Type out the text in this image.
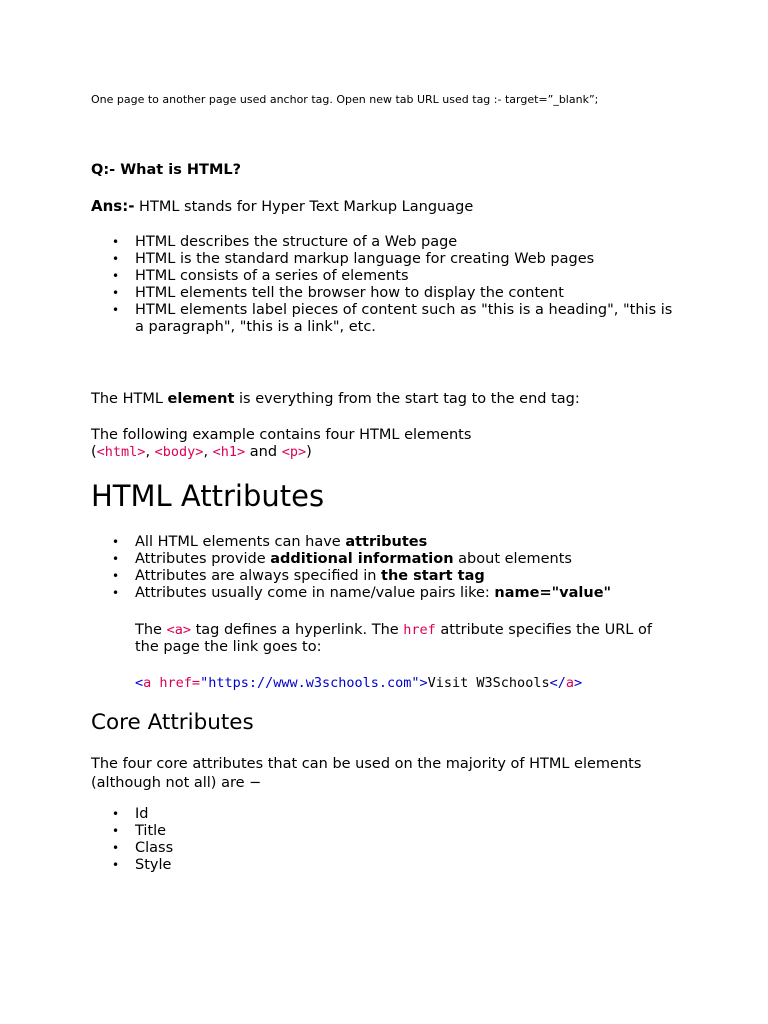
One page to another page used anchor tag. Open new tab URL used tag :- target=”_blank”;

Q:- What is HTML?

Ans:- HTML stands for Hyper Text Markup Language

• HTML describes the structure of a Web page
• HTML is the standard markup language for creating Web pages
• HTML consists of a series of elements
• HTML elements tell the browser how to display the content
• HTML elements label pieces of content such as "this is a heading", "this is a paragraph", "this is a link", etc.

The HTML element is everything from the start tag to the end tag:

The following example contains four HTML elements
(<html>, <body>, <h1> and <p>)

HTML Attributes
• All HTML elements can have attributes
• Attributes provide additional information about elements
• Attributes are always specified in the start tag
• Attributes usually come in name/value pairs like: name="value"

The <a> tag defines a hyperlink. The href attribute specifies the URL of the page the link goes to:

<a href="https://www.w3schools.com">Visit W3Schools</a>

Core Attributes

The four core attributes that can be used on the majority of HTML elements (although not all) are −

• Id
• Title
• Class
• Style
